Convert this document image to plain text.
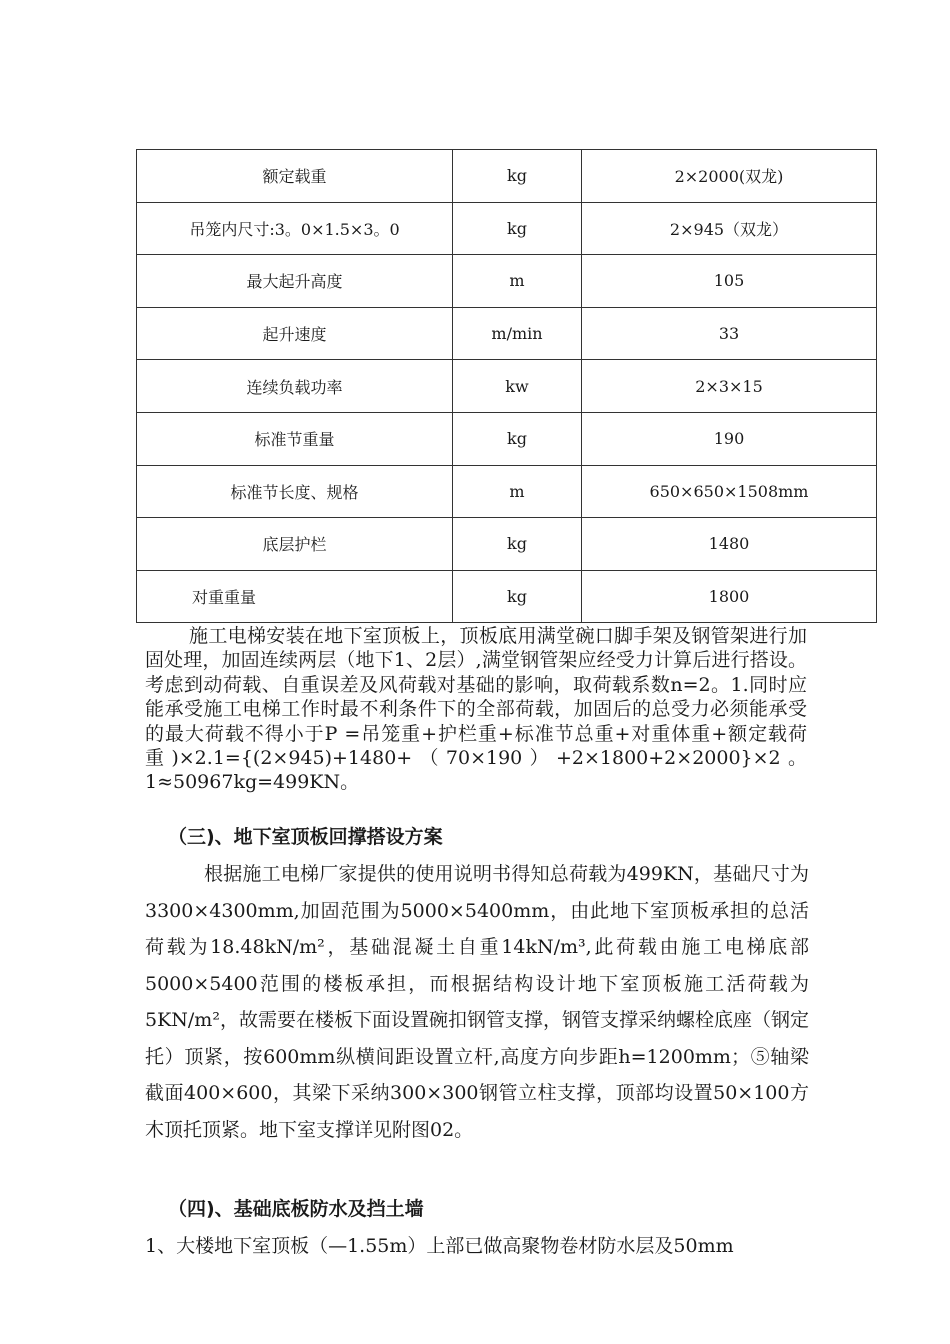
额定载重	kg	2×2000(双龙)
吊笼内尺寸:3。0×1.5×3。0	kg	2×945（双龙）
最大起升高度	m	105
起升速度	m/min	33
连续负载功率	kw	2×3×15
标准节重量	kg	190
标准节长度、规格	m	650×650×1508mm
底层护栏	kg	1480
对重重量	kg	1800

施工电梯安装在地下室顶板上，顶板底用满堂碗口脚手架及钢管架进行加固处理，加固连续两层（地下1、2层）,满堂钢管架应经受力计算后进行搭设。考虑到动荷载、自重误差及风荷载对基础的影响，取荷载系数n=2。1.同时应能承受施工电梯工作时最不利条件下的全部荷载，加固后的总受力必须能承受的最大荷载不得小于P =吊笼重+护栏重+标准节总重+对重体重+额定载荷重)×2.1={(2×945)+1480+（70×190）+2×1800+2×2000}×2。1≈50967kg=499KN。

（三)、地下室顶板回撑搭设方案

根据施工电梯厂家提供的使用说明书得知总荷载为499KN，基础尺寸为3300×4300mm,加固范围为5000×5400mm，由此地下室顶板承担的总活荷载为18.48kN/m²，基础混凝土自重14kN/m³,此荷载由施工电梯底部5000×5400范围的楼板承担，而根据结构设计地下室顶板施工活荷载为5KN/m²，故需要在楼板下面设置碗扣钢管支撑，钢管支撑采纳螺栓底座（钢定托）顶紧，按600mm纵横间距设置立杆,高度方向步距h=1200mm；⑤轴梁截面400×600，其梁下采纳300×300钢管立柱支撑，顶部均设置50×100方木顶托顶紧。地下室支撑详见附图02。

（四)、基础底板防水及挡土墙

1、大楼地下室顶板（—1.55m）上部已做高聚物卷材防水层及50mm
